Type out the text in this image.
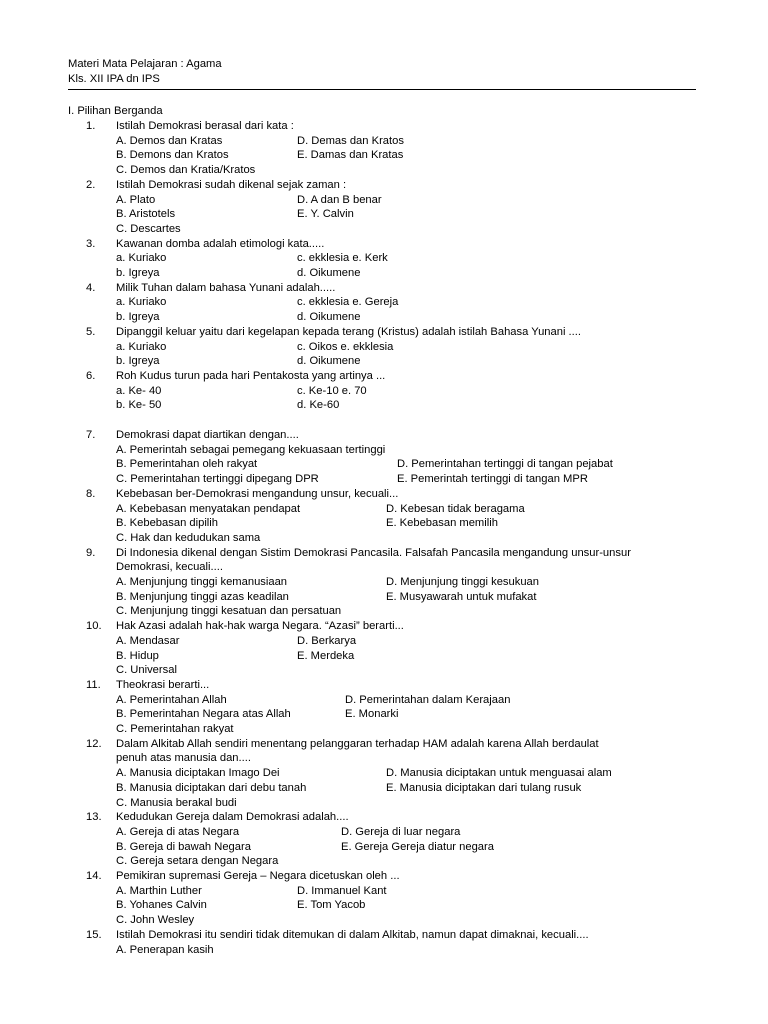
Materi Mata Pelajaran : Agama
Kls. XII IPA dn IPS
I. Pilihan Berganda
1. Istilah Demokrasi berasal dari kata :
A. Demos dan Kratas	D. Demas dan Kratos
B. Demons dan Kratos	E. Damas dan Kratas
C. Demos dan Kratia/Kratos
2. Istilah Demokrasi sudah dikenal sejak zaman :
A. Plato	D. A dan B benar
B. Aristotels	E. Y. Calvin
C. Descartes
3. Kawanan domba adalah etimologi kata.....
a. Kuriako	c. ekklesia e. Kerk
b. Igreya	d. Oikumene
4. Milik Tuhan dalam bahasa Yunani adalah.....
a. Kuriako	c. ekklesia e. Gereja
b. Igreya	d. Oikumene
5. Dipanggil keluar yaitu dari kegelapan kepada terang (Kristus) adalah istilah Bahasa Yunani ....
a. Kuriako	c. Oikos e. ekklesia
b. Igreya	d. Oikumene
6. Roh Kudus turun pada hari Pentakosta yang artinya ...
a. Ke- 40	c. Ke-10 e. 70
b. Ke- 50	d. Ke-60
7. Demokrasi dapat diartikan dengan....
A. Pemerintah sebagai pemegang kekuasaan tertinggi
B. Pemerintahan oleh rakyat	D. Pemerintahan tertinggi di tangan pejabat
C. Pemerintahan tertinggi dipegang DPR	E. Pemerintah tertinggi di tangan MPR
8. Kebebasan ber-Demokrasi mengandung unsur, kecuali...
A. Kebebasan menyatakan pendapat	D. Kebesan tidak beragama
B. Kebebasan dipilih	E. Kebebasan memilih
C. Hak dan kedudukan sama
9. Di Indonesia dikenal dengan Sistim Demokrasi Pancasila. Falsafah Pancasila mengandung unsur-unsur
Demokrasi, kecuali....
A. Menjunjung tinggi kemanusiaan	D. Menjunjung tinggi kesukuan
B. Menjunjung tinggi azas keadilan	E. Musyawarah untuk mufakat
C. Menjunjung tinggi kesatuan dan persatuan
10. Hak Azasi adalah hak-hak warga Negara. “Azasi” berarti...
A. Mendasar	D. Berkarya
B. Hidup	E. Merdeka
C. Universal
11. Theokrasi berarti...
A. Pemerintahan Allah	D. Pemerintahan dalam Kerajaan
B. Pemerintahan Negara atas Allah	E. Monarki
C. Pemerintahan rakyat
12. Dalam Alkitab Allah sendiri menentang pelanggaran terhadap HAM adalah karena Allah berdaulat
penuh atas manusia dan....
A. Manusia diciptakan Imago Dei	D. Manusia diciptakan untuk menguasai alam
B. Manusia diciptakan dari debu tanah	E. Manusia diciptakan dari tulang rusuk
C. Manusia berakal budi
13. Kedudukan Gereja dalam Demokrasi adalah....
A. Gereja di atas Negara	D. Gereja di luar negara
B. Gereja di bawah Negara	E. Gereja Gereja diatur negara
C. Gereja setara dengan Negara
14. Pemikiran supremasi Gereja – Negara dicetuskan oleh ...
A. Marthin Luther	D. Immanuel Kant
B. Yohanes Calvin	E. Tom Yacob
C. John Wesley
15. Istilah Demokrasi itu sendiri tidak ditemukan di dalam Alkitab, namun dapat dimaknai, kecuali....
A. Penerapan kasih
